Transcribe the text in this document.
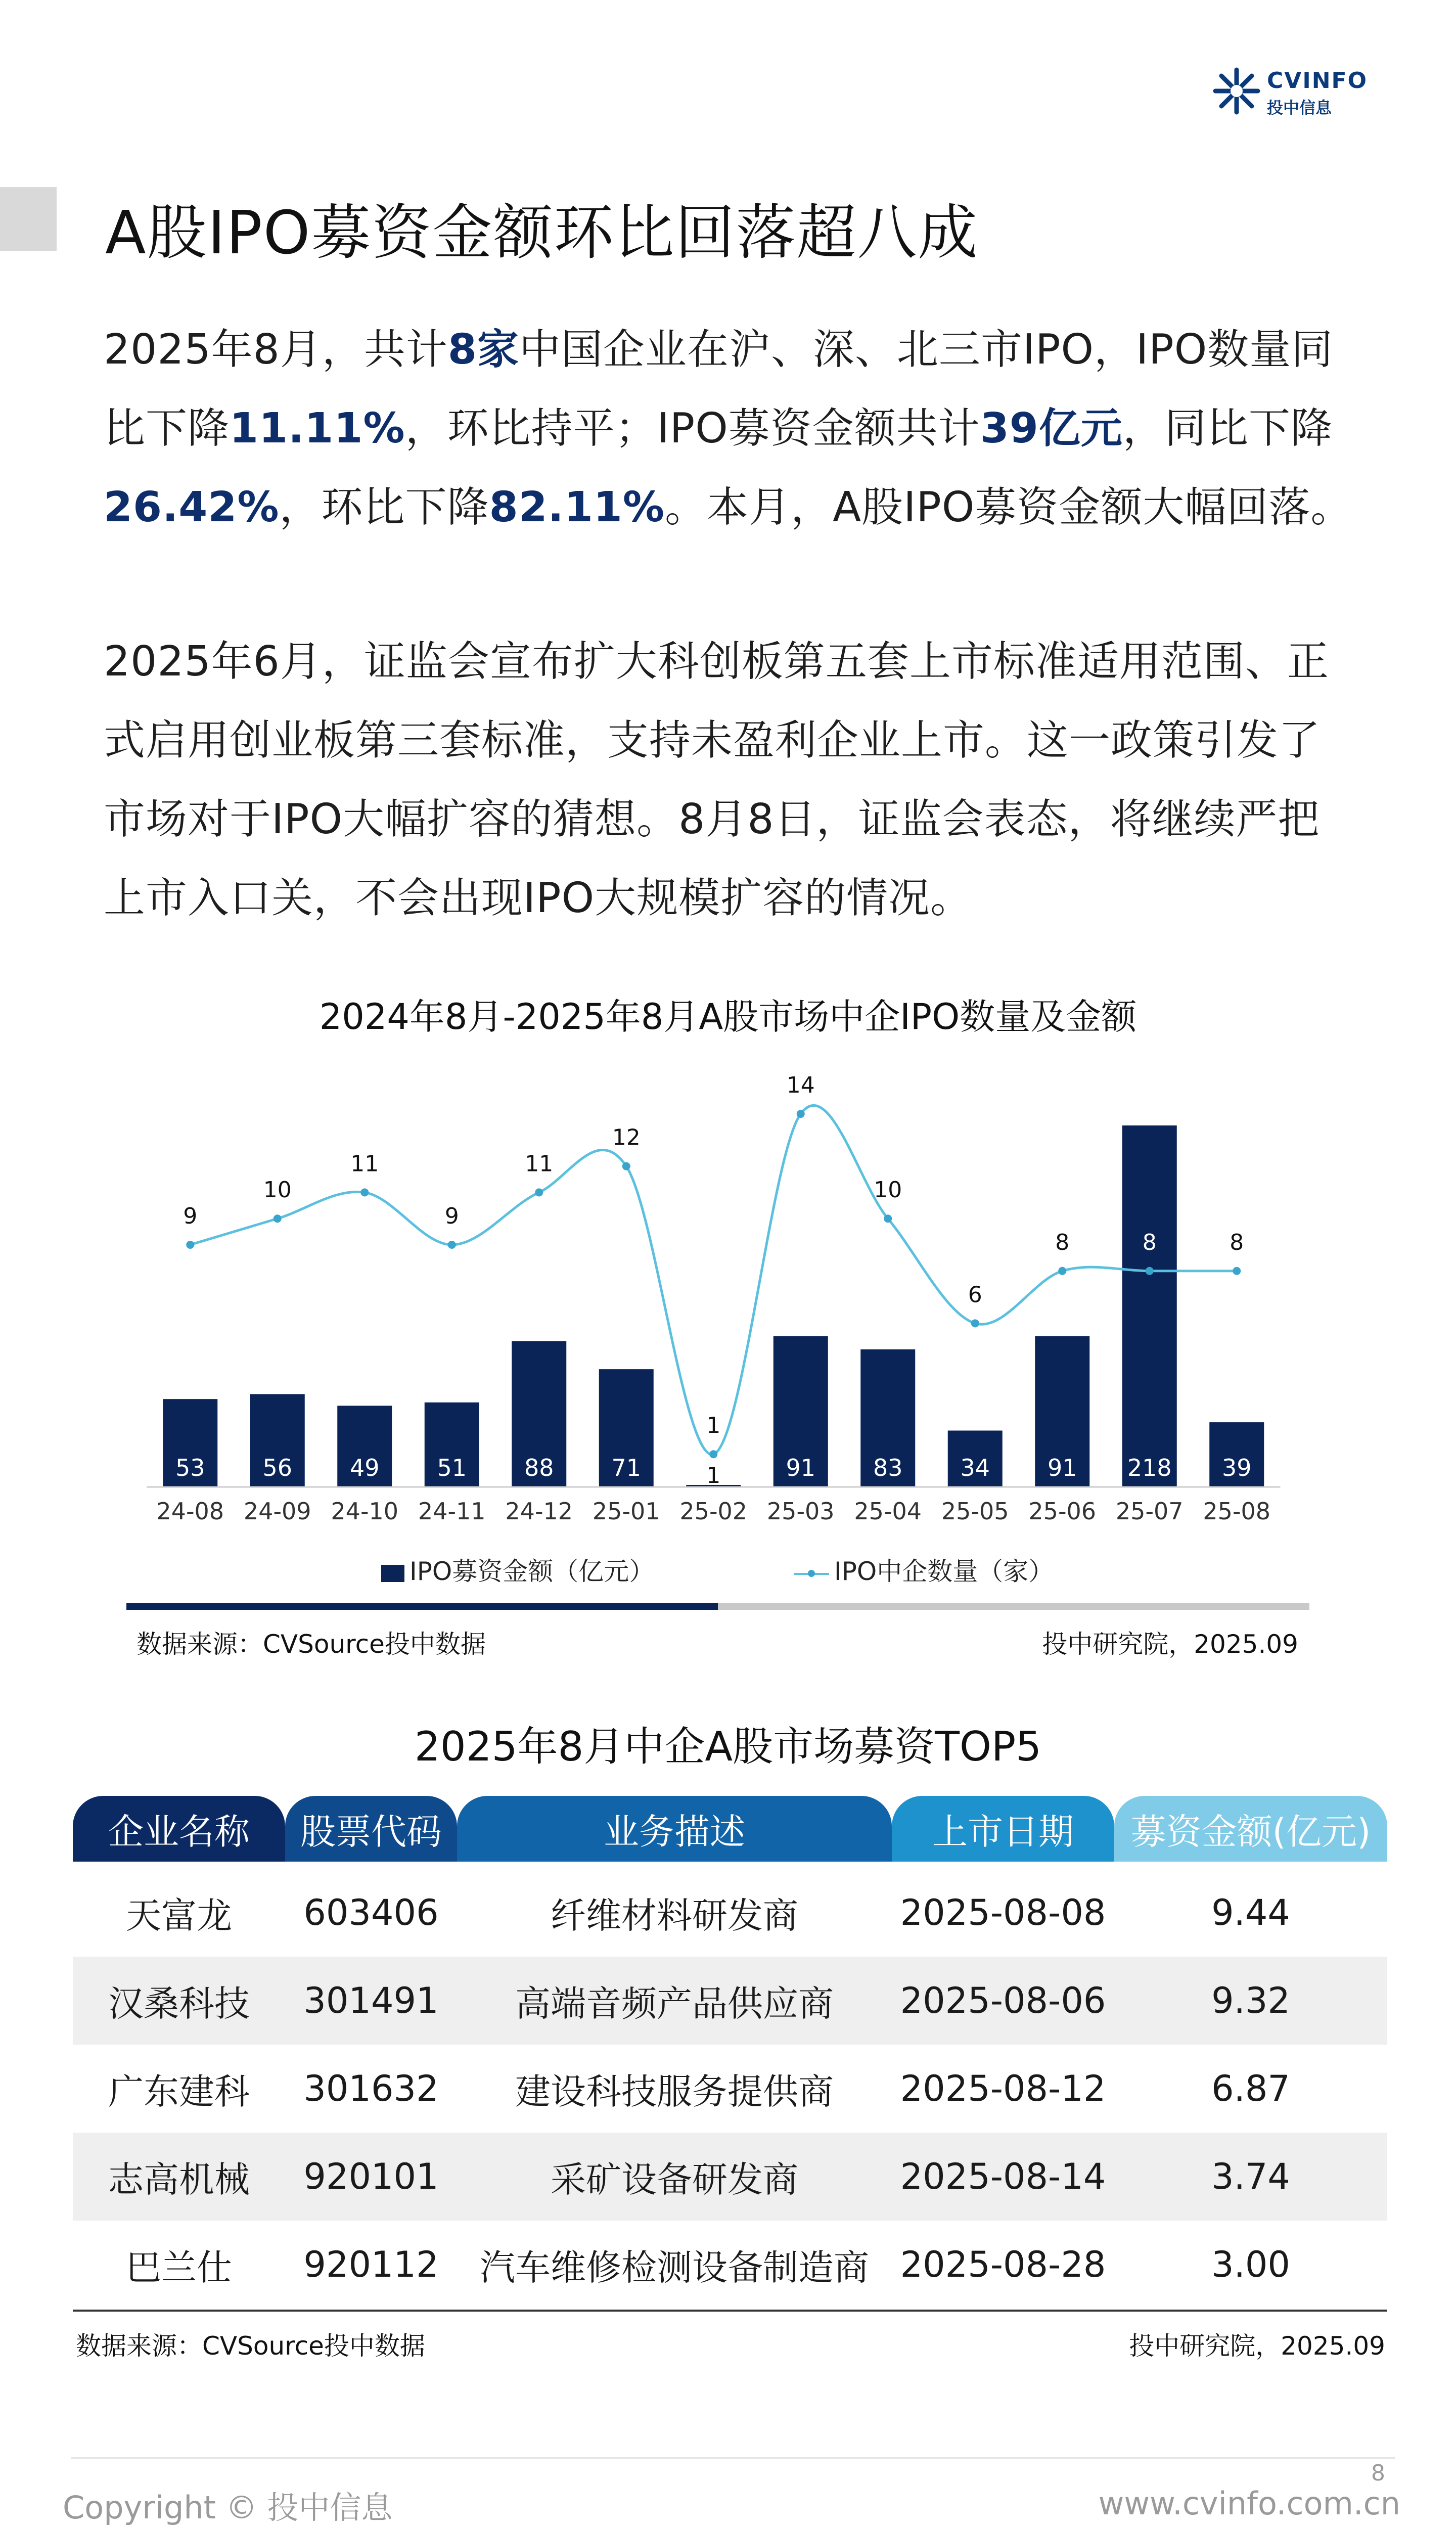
CVINFO
投中信息
A股IPO募资金额环比回落超八成
2025年8月，共计8家中国企业在沪、深、北三市IPO，IPO数量同比下降11.11%，环比持平；IPO募资金额共计39亿元，同比下降26.42%，环比下降82.11%。本月，A股IPO募资金额大幅回落。
2025年6月，证监会宣布扩大科创板第五套上市标准适用范围、正式启用创业板第三套标准，支持未盈利企业上市。这一政策引发了市场对于IPO大幅扩容的猜想。8月8日，证监会表态，将继续严把上市入口关，不会出现IPO大规模扩容的情况。
2024年8月-2025年8月A股市场中企IPO数量及金额
53 56 49 51 88 71	1	91 83 34 91 218 39
24-08 24-09 24-10 24-11 24-12 25-01 25-02 25-03 25-04 25-05 25-06 25-07 25-08
9
10
11
9
11
12
1
14
10
6
8	8	8
IPO募资金额（亿元）	IPO中企数量（家）
数据来源：CVSource投中数据	投中研究院，2025.09
2025年8月中企A股市场募资TOP5
企业名称	股票代码	业务描述	上市日期	募资金额(亿元)
天富龙	603406	纤维材料研发商	2025-08-08	9.44
汉桑科技	301491	高端音频产品供应商	2025-08-06	9.32
广东建科	301632	建设科技服务提供商	2025-08-12	6.87
志高机械	920101	采矿设备研发商	2025-08-14	3.74
巴兰仕	920112	汽车维修检测设备制造商 2025-08-28	3.00
数据来源：CVSource投中数据	投中研究院，2025.09
Copyright © 投中信息
8
www.cvinfo.com.cn
